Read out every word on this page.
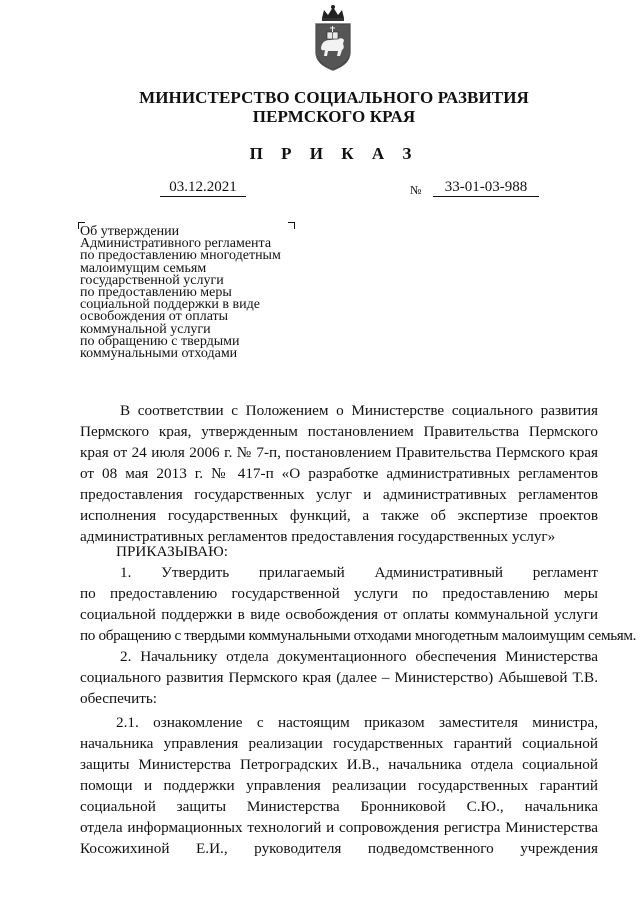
МИНИСТЕРСТВО СОЦИАЛЬНОГО РАЗВИТИЯ
ПЕРМСКОГО КРАЯ
П Р И К А З
03.12.2021	№	33-01-03-988
Об утверждении
Административного регламента
по предоставлению многодетным
малоимущим семьям
государственной услуги
по предоставлению меры
социальной поддержки в виде
освобождения от оплаты
коммунальной услуги
по обращению с твердыми
коммунальными отходами
В соответствии с Положением о Министерстве социального развития
Пермского края, утвержденным постановлением Правительства Пермского
края от 24 июля 2006 г. № 7-п, постановлением Правительства Пермского края
от 08 мая 2013 г. № 417-п «О разработке административных регламентов
предоставления государственных услуг и административных регламентов
исполнения государственных функций, а также об экспертизе проектов
административных регламентов предоставления государственных услуг»
ПРИКАЗЫВАЮ:
1. Утвердить прилагаемый Административный регламент
по предоставлению государственной услуги по предоставлению меры
социальной поддержки в виде освобождения от оплаты коммунальной услуги
по обращению с твердыми коммунальными отходами многодетным малоимущим семьям.
2. Начальнику отдела документационного обеспечения Министерства
социального развития Пермского края (далее – Министерство) Абышевой Т.В.
обеспечить:
2.1. ознакомление с настоящим приказом заместителя министра,
начальника управления реализации государственных гарантий социальной
защиты Министерства Петроградских И.В., начальника отдела социальной
помощи и поддержки управления реализации государственных гарантий
социальной защиты Министерства Бронниковой С.Ю., начальника
отдела информационных технологий и сопровождения регистра Министерства
Косожихиной Е.И., руководителя подведомственного учреждения
